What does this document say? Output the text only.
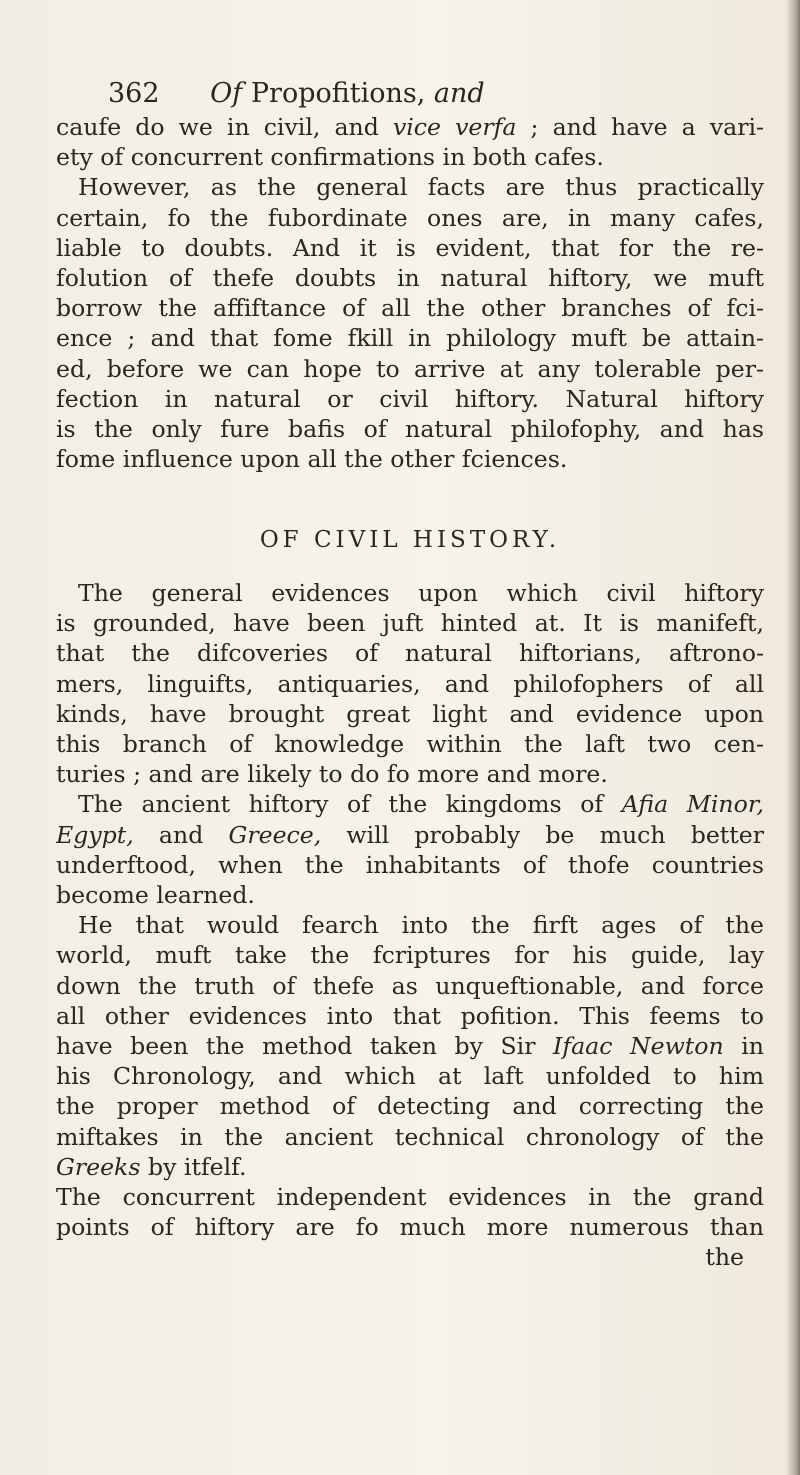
362 Of Propofitions, and
caufe do we in civil, and vice verfa ; and have a vari-
ety of concurrent confirmations in both cafes.
However, as the general facts are thus practically
certain, fo the fubordinate ones are, in many cafes,
liable to doubts. And it is evident, that for the re-
folution of thefe doubts in natural hiftory, we muft
borrow the affiftance of all the other branches of fci-
ence ; and that fome fkill in philology muft be attain-
ed, before we can hope to arrive at any tolerable per-
fection in natural or civil hiftory. Natural hiftory
is the only fure bafis of natural philofophy, and has
fome influence upon all the other fciences.
OF CIVIL HISTORY.
The general evidences upon which civil hiftory
is grounded, have been juft hinted at. It is manifeft,
that the difcoveries of natural hiftorians, aftrono-
mers, linguifts, antiquaries, and philofophers of all
kinds, have brought great light and evidence upon
this branch of knowledge within the laft two cen-
turies ; and are likely to do fo more and more.
The ancient hiftory of the kingdoms of Afia Minor,
Egypt, and Greece, will probably be much better
underftood, when the inhabitants of thofe countries
become learned.
He that would fearch into the firft ages of the
world, muft take the fcriptures for his guide, lay
down the truth of thefe as unqueftionable, and force
all other evidences into that pofition. This feems to
have been the method taken by Sir Ifaac Newton in
his Chronology, and which at laft unfolded to him
the proper method of detecting and correcting the
miftakes in the ancient technical chronology of the
Greeks by itfelf.
The concurrent independent evidences in the grand
points of hiftory are fo much more numerous than
the
